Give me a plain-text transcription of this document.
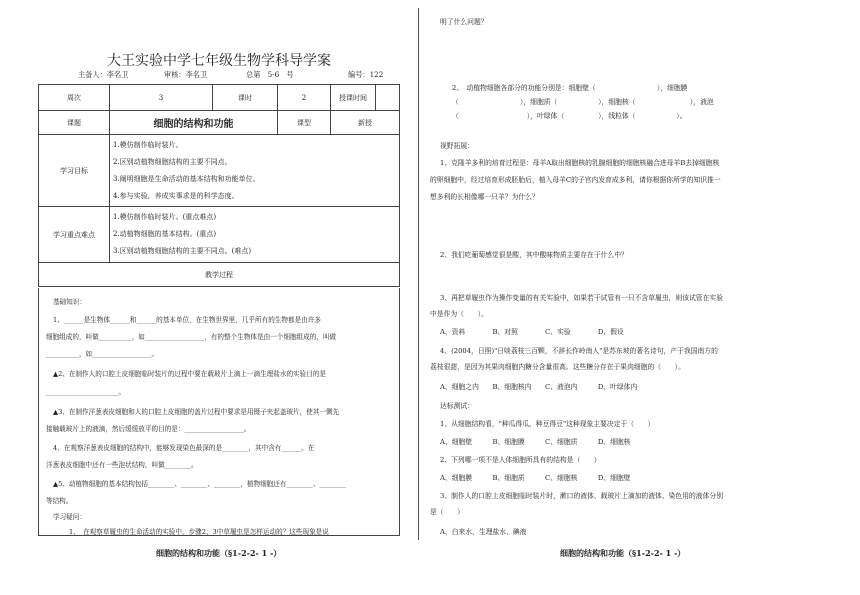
大王实验中学七年级生物学科导学案
主备人：李名卫	审核：李名卫	总第　5-6　号	编号：122
周次	3	课时	2	授课时间	
课题	细胞的结构和功能		课型	新授	
学习目标	1.模仿制作临时装片。
2.区别动植物细胞结构的主要不同点。
3.阐明细胞是生命活动的基本结构和功能单位。
4.参与实验，养成实事求是的科学态度。				

学习重点难点	1.模仿制作临时装片。(重点难点)
2.动植物细胞的基本结构。(重点)
3.区别动植物细胞结构的主要不同点。(难点)				

教学过程					
基础知识：
1、______是生物体______和______的基本单位，在生物世界里，几乎所有的生物都是由许多
细胞组成的，叫做__________，如__________________，有的整个生物体是由一个细胞组成的，叫做
__________，如__________________。
▲2、在制作人的口腔上皮细胞临时装片的过程中要在载玻片上滴上一滴生理盐水的实验目的是
______________________。
▲3、在制作洋葱表皮细胞和人的口腔上皮细胞的盖片过程中要求是用镊子夹起盖玻片，使其一侧先
接触载玻片上的液滴，然后缓缓放平的目的是：__________________。
4、在观察洋葱表皮细胞的结构中，能够发现染色最深的是________，其中含有______。在
洋葱表皮细胞中还有一些泡状结构，叫做________。
▲5、动植物细胞的基本结构包括________、________、________，植物细胞还有________、________
等结构。
学习疑问：
1、　在观察草履虫的生命活动的实验中，步骤2、3中草履虫是怎样运动的？这些现象是说
细胞的结构和功能（§1-2-2- 1 -）
明了什么问题？
2、　动植物细胞各部分的功能分别是：细胞壁（　　　　　　　　　），细胞膜
（　　　　　　　　　），细胞质（　　　　　　），细胞核（　　　　　　　　），液泡
（　　　　　　　　　　），叶绿体（　　　　　），线粒体（　　　　　　）。
视野拓展：
1、克隆羊多利的培育过程是：母羊A取出细胞核的乳腺细胞的细胞核融合进母羊B去掉细胞核
的卵细胞中，经过培育形成胚胎后，植入母羊C的子宫内发育成多利，请你根据你所学的知识推一
想多利的长相像哪一只羊？为什么？
2、我们吃葡萄感觉很是酸，其中酸味物质主要存在于什么中？
3、再把草履虫作为操作变量的有关实验中，如果若干试管有一只不含草履虫，则该试管在实验
中是作为（　　）。
A、资料　　　　B、对照　　　　C、实验　　　　D、假设
4、(2004，日照)"日啖荔枝三百颗，不辞长作岭南人"是苏东坡的著名诗句，产于我国南方的
荔枝很甜，是因为其果肉细胞内糖分含量很高。这些糖分存在于果肉细胞的（　　）。
A、细胞之内　　B、细胞核内　　C、液泡内　　　D、叶绿体内
达标测试：
1、从细胞结构看，"种瓜得瓜，种豆得豆"这种现象主要决定于（　　）
A、细胞壁　　　B、细胞膜　　　C、细胞质　　　D、细胞核
2、下列哪一项不是人体细胞所具有的结构是（　　）
A、细胞膜　　　B、细胞质　　　C、细胞核　　　D、细胞壁
3、制作人的口腔上皮细胞临时装片时，漱口的液体、载玻片上滴加的液体、染色用的液体分别
是（　　）
A、白来水、生理盐水、碘液
细胞的结构和功能（§1-2-2- 1 -）
